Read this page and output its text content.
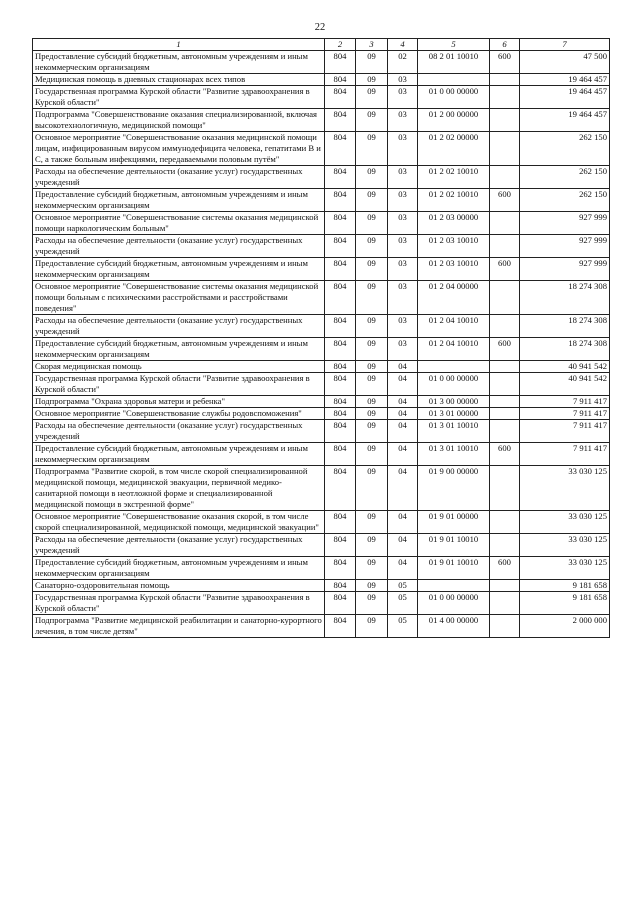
22
1	2	3	4	5	6	7
Предоставление субсидий бюджетным, автономным учреждениям и иным некоммерческим организациям	804	09	02	08 2 01 10010	600	47 500
Медицинская помощь в дневных стационарах всех типов	804	09	03			19 464 457
Государственная программа Курской области "Развитие здравоохранения в Курской области"	804	09	03	01 0 00 00000		19 464 457
Подпрограмма "Совершенствование оказания специализированной, включая высокотехнологичную, медицинской помощи"	804	09	03	01 2 00 00000		19 464 457
Основное мероприятие "Совершенствование оказания медицинской помощи лицам, инфицированным вирусом иммунодефицита человека, гепатитами B и C, а также больным инфекциями, передаваемыми половым путём"	804	09	03	01 2 02 00000		262 150
Расходы на обеспечение деятельности (оказание услуг) государственных учреждений	804	09	03	01 2 02 10010		262 150
Предоставление субсидий бюджетным, автономным учреждениям и иным некоммерческим организациям	804	09	03	01 2 02 10010	600	262 150
Основное мероприятие "Совершенствование системы оказания медицинской помощи наркологическим больным"	804	09	03	01 2 03 00000		927 999
Расходы на обеспечение деятельности (оказание услуг) государственных учреждений	804	09	03	01 2 03 10010		927 999
Предоставление субсидий бюджетным, автономным учреждениям и иным некоммерческим организациям	804	09	03	01 2 03 10010	600	927 999
Основное мероприятие "Совершенствование системы оказания медицинской помощи больным с психическими расстройствами и расстройствами поведения"	804	09	03	01 2 04 00000		18 274 308
Расходы на обеспечение деятельности (оказание услуг) государственных учреждений	804	09	03	01 2 04 10010		18 274 308
Предоставление субсидий бюджетным, автономным учреждениям и иным некоммерческим организациям	804	09	03	01 2 04 10010	600	18 274 308
Скорая медицинская помощь	804	09	04			40 941 542
Государственная программа Курской области "Развитие здравоохранения в Курской области"	804	09	04	01 0 00 00000		40 941 542
Подпрограмма "Охрана здоровья матери и ребенка"	804	09	04	01 3 00 00000		7 911 417
Основное мероприятие "Совершенствование службы родовспоможения"	804	09	04	01 3 01 00000		7 911 417
Расходы на обеспечение деятельности (оказание услуг) государственных учреждений	804	09	04	01 3 01 10010		7 911 417
Предоставление субсидий бюджетным, автономным учреждениям и иным некоммерческим организациям	804	09	04	01 3 01 10010	600	7 911 417
Подпрограмма "Развитие скорой, в том числе скорой специализированной медицинской помощи, медицинской эвакуации, первичной медико-санитарной помощи в неотложной форме и специализированной медицинской помощи в экстренной форме"	804	09	04	01 9 00 00000		33 030 125
Основное мероприятие "Совершенствование оказания скорой, в том числе скорой специализированной, медицинской помощи, медицинской эвакуации"	804	09	04	01 9 01 00000		33 030 125
Расходы на обеспечение деятельности (оказание услуг) государственных учреждений	804	09	04	01 9 01 10010		33 030 125
Предоставление субсидий бюджетным, автономным учреждениям и иным некоммерческим организациям	804	09	04	01 9 01 10010	600	33 030 125
Санаторно-оздоровительная помощь	804	09	05			9 181 658
Государственная программа Курской области "Развитие здравоохранения в Курской области"	804	09	05	01 0 00 00000		9 181 658
Подпрограмма "Развитие медицинской реабилитации и санаторно-курортного лечения, в том числе детям"	804	09	05	01 4 00 00000		2 000 000
